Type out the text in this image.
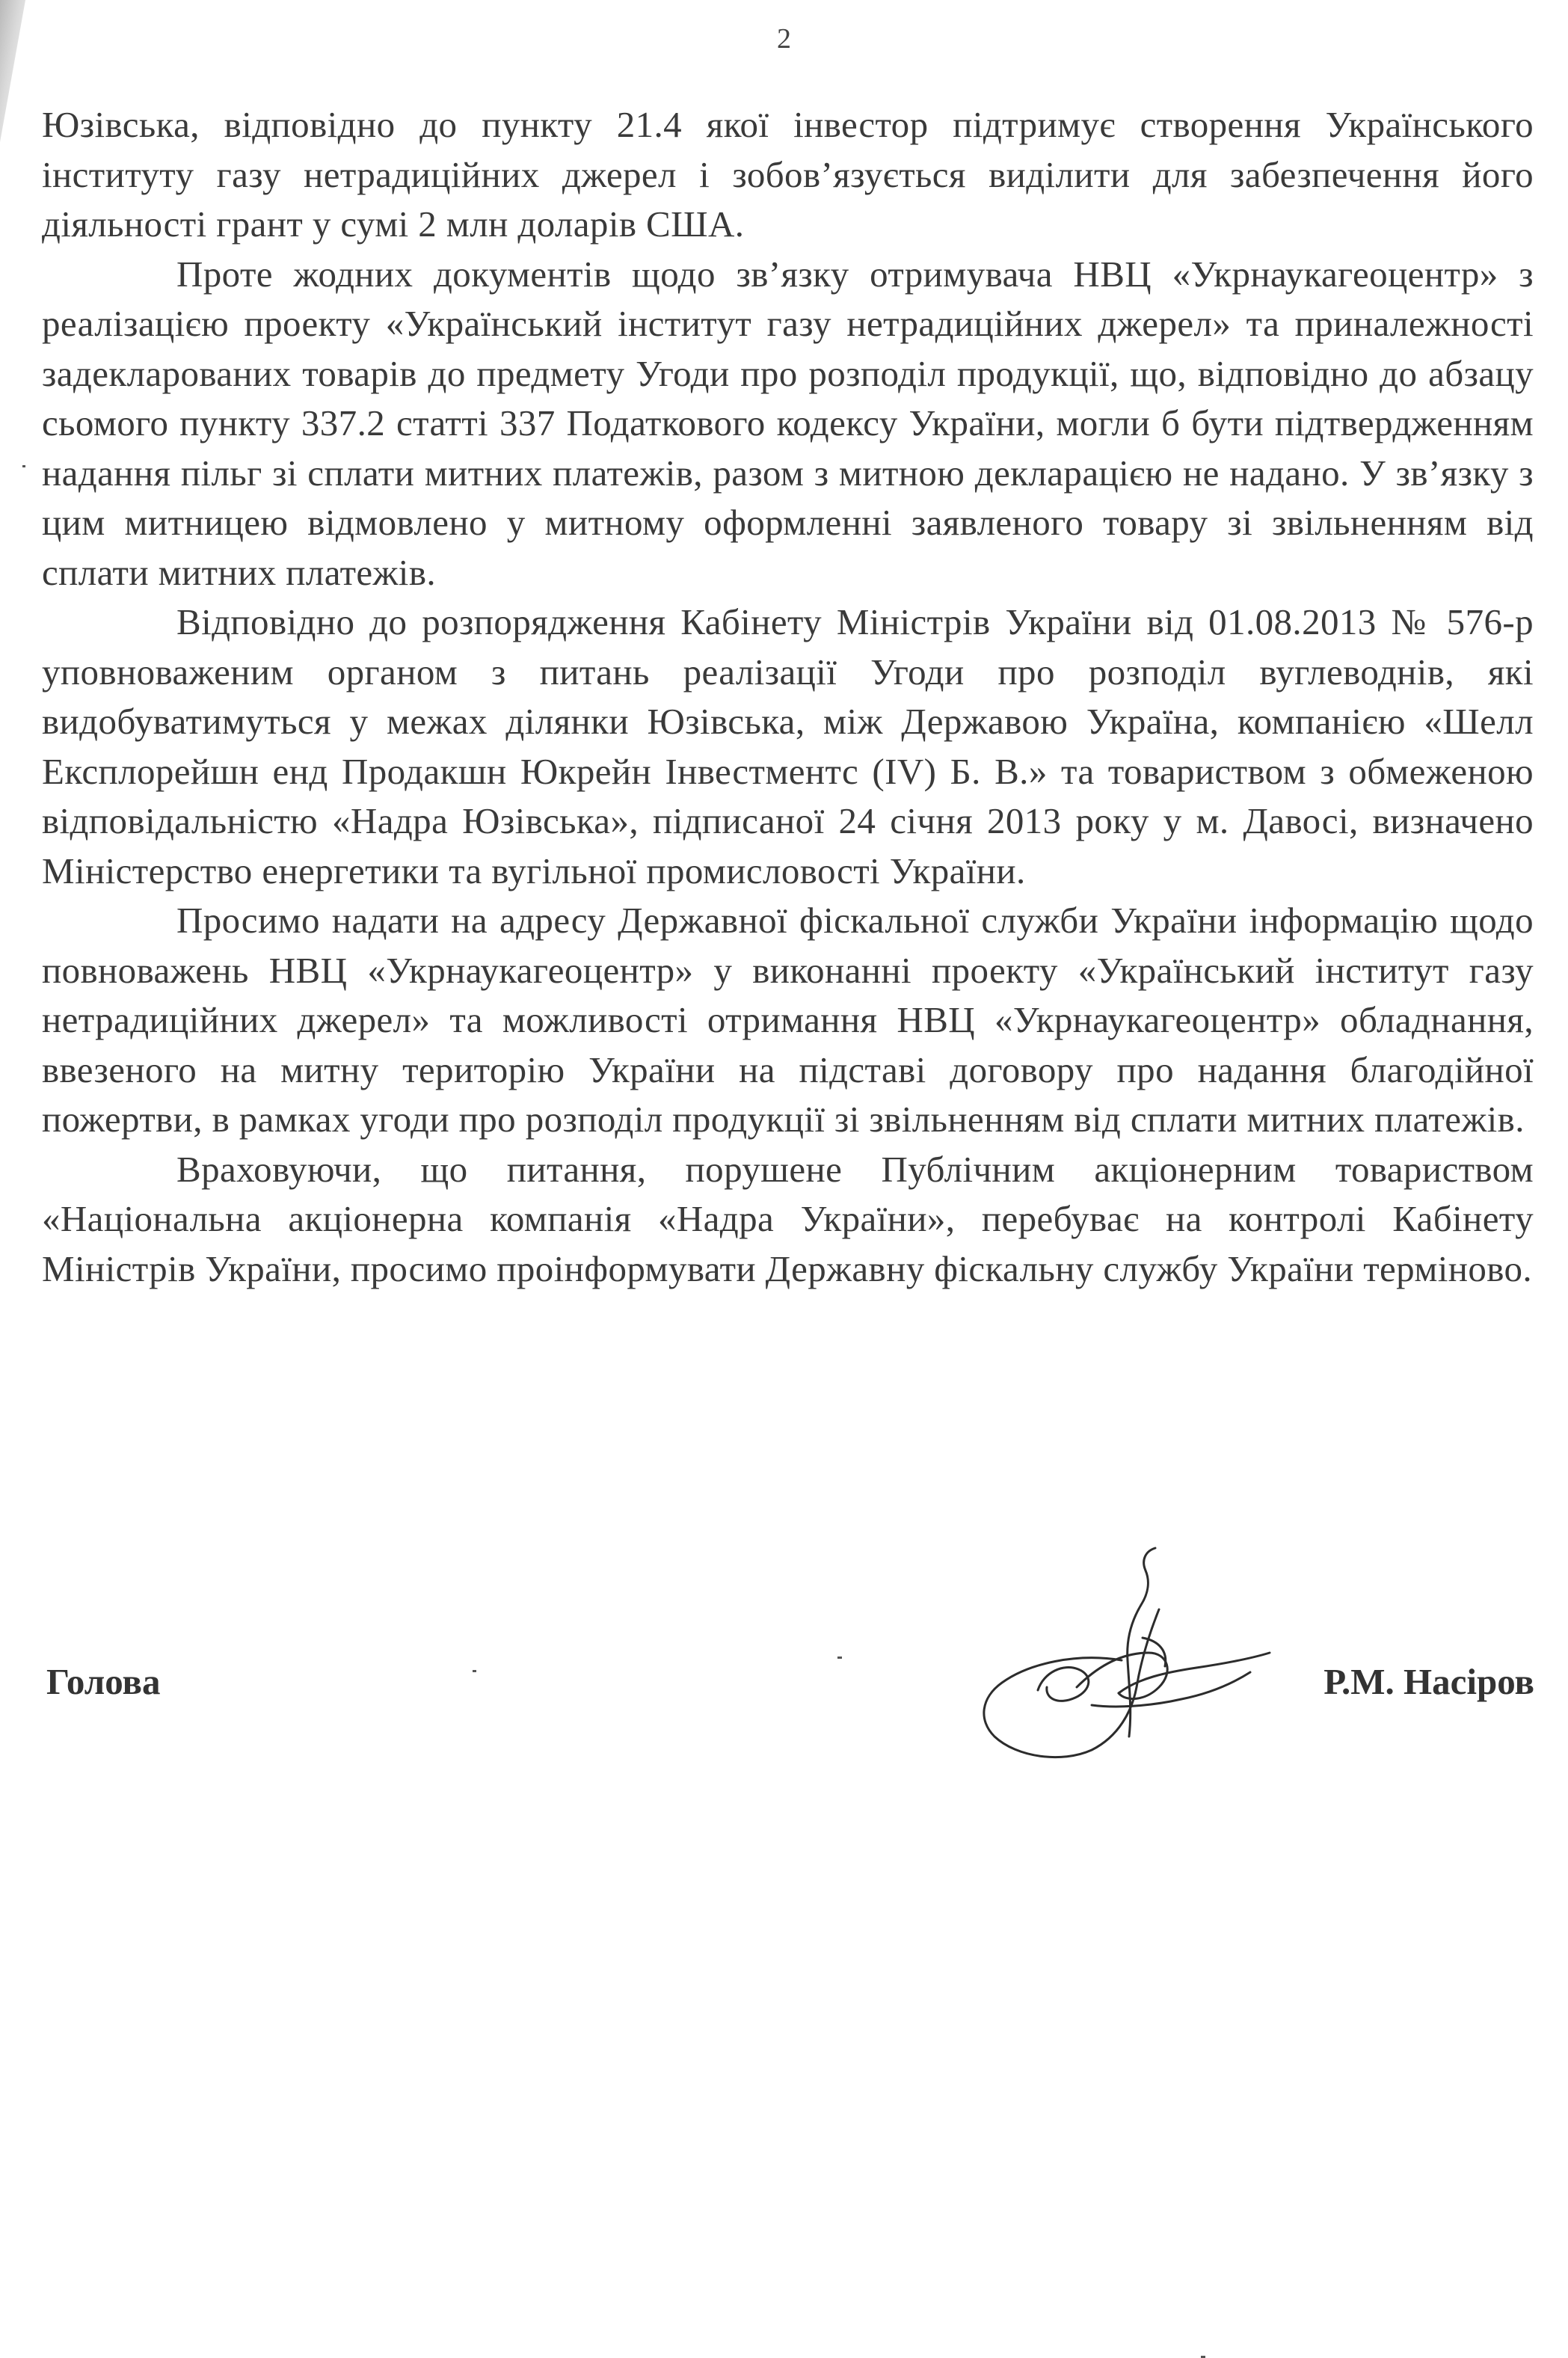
2

Юзівська, відповідно до пункту 21.4 якої інвестор підтримує створення Українського інституту газу нетрадиційних джерел і зобов’язується виділити для забезпечення його діяльності грант у сумі 2 млн доларів США.

Проте жодних документів щодо зв’язку отримувача НВЦ «Укрнаукагеоцентр» з реалізацією проекту «Український інститут газу нетрадиційних джерел» та приналежності задекларованих товарів до предмету Угоди про розподіл продукції, що, відповідно до абзацу сьомого пункту 337.2 статті 337 Податкового кодексу України, могли б бути підтвердженням надання пільг зі сплати митних платежів, разом з митною декларацією не надано. У зв’язку з цим митницею відмовлено у митному оформленні заявленого товару зі звільненням від сплати митних платежів.

Відповідно до розпорядження Кабінету Міністрів України від 01.08.2013 № 576-р уповноваженим органом з питань реалізації Угоди про розподіл вуглеводнів, які видобуватимуться у межах ділянки Юзівська, між Державою Україна, компанією «Шелл Експлорейшн енд Продакшн Юкрейн Інвестментс (IV) Б. В.» та товариством з обмеженою відповідальністю «Надра Юзівська», підписаної 24 січня 2013 року у м. Давосі, визначено Міністерство енергетики та вугільної промисловості України.

Просимо надати на адресу Державної фіскальної служби України інформацію щодо повноважень НВЦ «Укрнаукагеоцентр» у виконанні проекту «Український інститут газу нетрадиційних джерел» та можливості отримання НВЦ «Укрнаукагеоцентр» обладнання, ввезеного на митну територію України на підставі договору про надання благодійної пожертви, в рамках угоди про розподіл продукції зі звільненням від сплати митних платежів.

Враховуючи, що питання, порушене Публічним акціонерним товариством «Національна акціонерна компанія «Надра України», перебуває на контролі Кабінету Міністрів України, просимо проінформувати Державну фіскальну службу України терміново.

Голова	Р.М. Насіров
